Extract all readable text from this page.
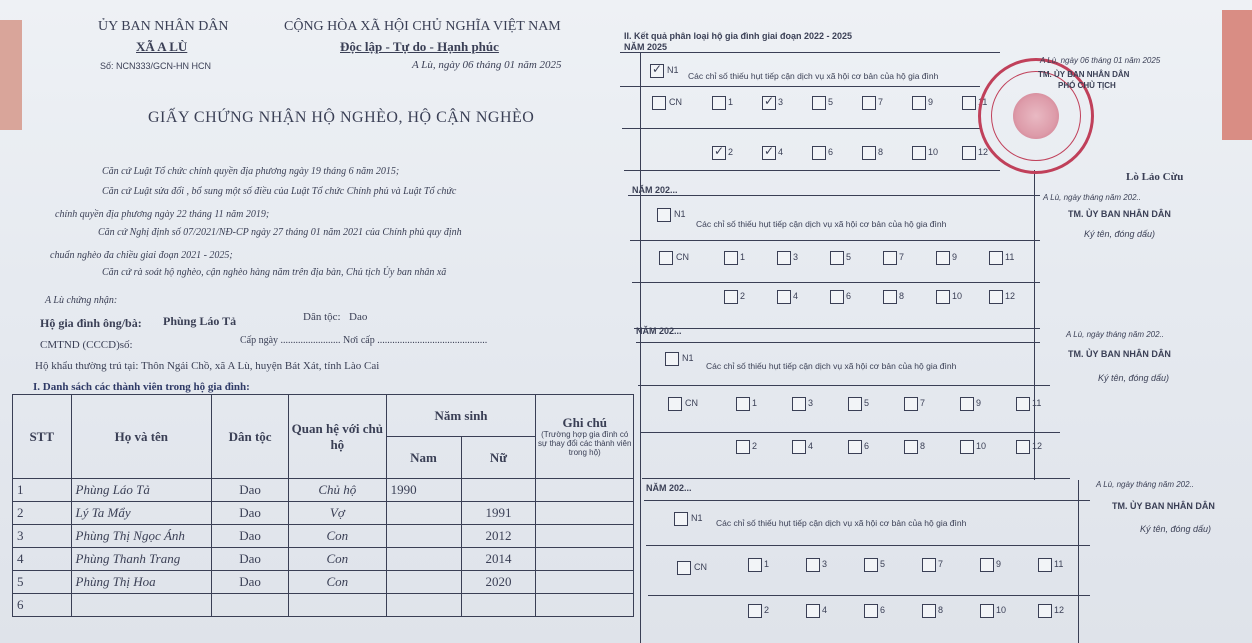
ỦY BAN NHÂN DÂN
XÃ A LÙ
Số: NCN333/GCN-HN HCN
CỘNG HÒA XÃ HỘI CHỦ NGHĨA VIỆT NAM
Độc lập - Tự do - Hạnh phúc
A Lù, ngày 06 tháng 01 năm 2025
GIẤY CHỨNG NHẬN HỘ NGHÈO, HỘ CẬN NGHÈO
Căn cứ Luật Tổ chức chính quyền địa phương ngày 19 tháng 6 năm 2015;
Căn cứ Luật sửa đổi , bổ sung một số điều của Luật Tổ chức Chính phủ và Luật Tổ chức
chính quyền địa phương ngày 22 tháng 11 năm 2019;
Căn cứ Nghị định số 07/2021/NĐ-CP ngày 27 tháng 01 năm 2021 của Chính phủ quy định
chuẩn nghèo đa chiều giai đoạn 2021 - 2025;
Căn cứ rà soát hộ nghèo, cận nghèo hàng năm trên địa bàn, Chủ tịch Ủy ban nhân xã
A Lù chứng nhận:
Hộ gia đình ông/bà: Phùng Láo Tả	Dân tộc: Dao
CMTND (CCCD)số:	Cấp ngày ........................ Nơi cấp ............................................
Hộ khẩu thường trú tại: Thôn Ngải Chồ, xã A Lù, huyện Bát Xát, tỉnh Lào Cai
I. Danh sách các thành viên trong hộ gia đình:
STT	Họ và tên	Dân tộc	Quan hệ với chủ hộ	Năm sinh		Ghi chú
(Trường hợp gia đình có sự thay đổi các thành viên trong hộ)

				Nam	Nữ	
1	Phùng Láo Tả	Dao	Chủ hộ	1990		
2	Lý Ta Mẩy	Dao	Vợ		1991	
3	Phùng Thị Ngọc Ánh	Dao	Con		2012	
4	Phùng Thanh Trang	Dao	Con		2014	
5	Phùng Thị Hoa	Dao	Con		2020	
6						
II. Kết quả phân loại hộ gia đình giai đoạn 2022 - 2025
NĂM 2025
NĂM 202...
NĂM 202...
NĂM 202...
✓
N1
Các chỉ số thiếu hụt tiếp cận dịch vụ xã hội cơ bản của hộ gia đình
N1
Các chỉ số thiếu hụt tiếp cận dịch vụ xã hội cơ bản của hộ gia đình
N1
Các chỉ số thiếu hụt tiếp cận dịch vụ xã hội cơ bản của hộ gia đình
N1 Các chỉ số thiếu hụt tiếp cận dịch vụ xã hội cơ bản của hộ gia đình
CN
CN
CN
CN
1 ✓	3	5	7	9	11
✓
2 ✓	4	6	8	10	12
1	3	5	7	9	11
2	4	6	8	10	12
1	3	5	7	9	11
2	4	6	8	10	12
1	3	5	7	9	11
2	4	6	8	10	12
A Lù, ngày 06 tháng 01 năm 2025
TM. ỦY BAN NHÂN DÂN
PHÓ CHỦ TỊCH
Lò Lảo Cừu
A Lù, ngày tháng năm 202..
TM. ỦY BAN NHÂN DÂN
Ký tên, đóng dấu)
A Lù, ngày tháng năm 202..
TM. ỦY BAN NHÂN DÂN
Ký tên, đóng dấu)
A Lù, ngày tháng năm 202..
TM. ỦY BAN NHÂN DÂN
Ký tên, đóng dấu)
